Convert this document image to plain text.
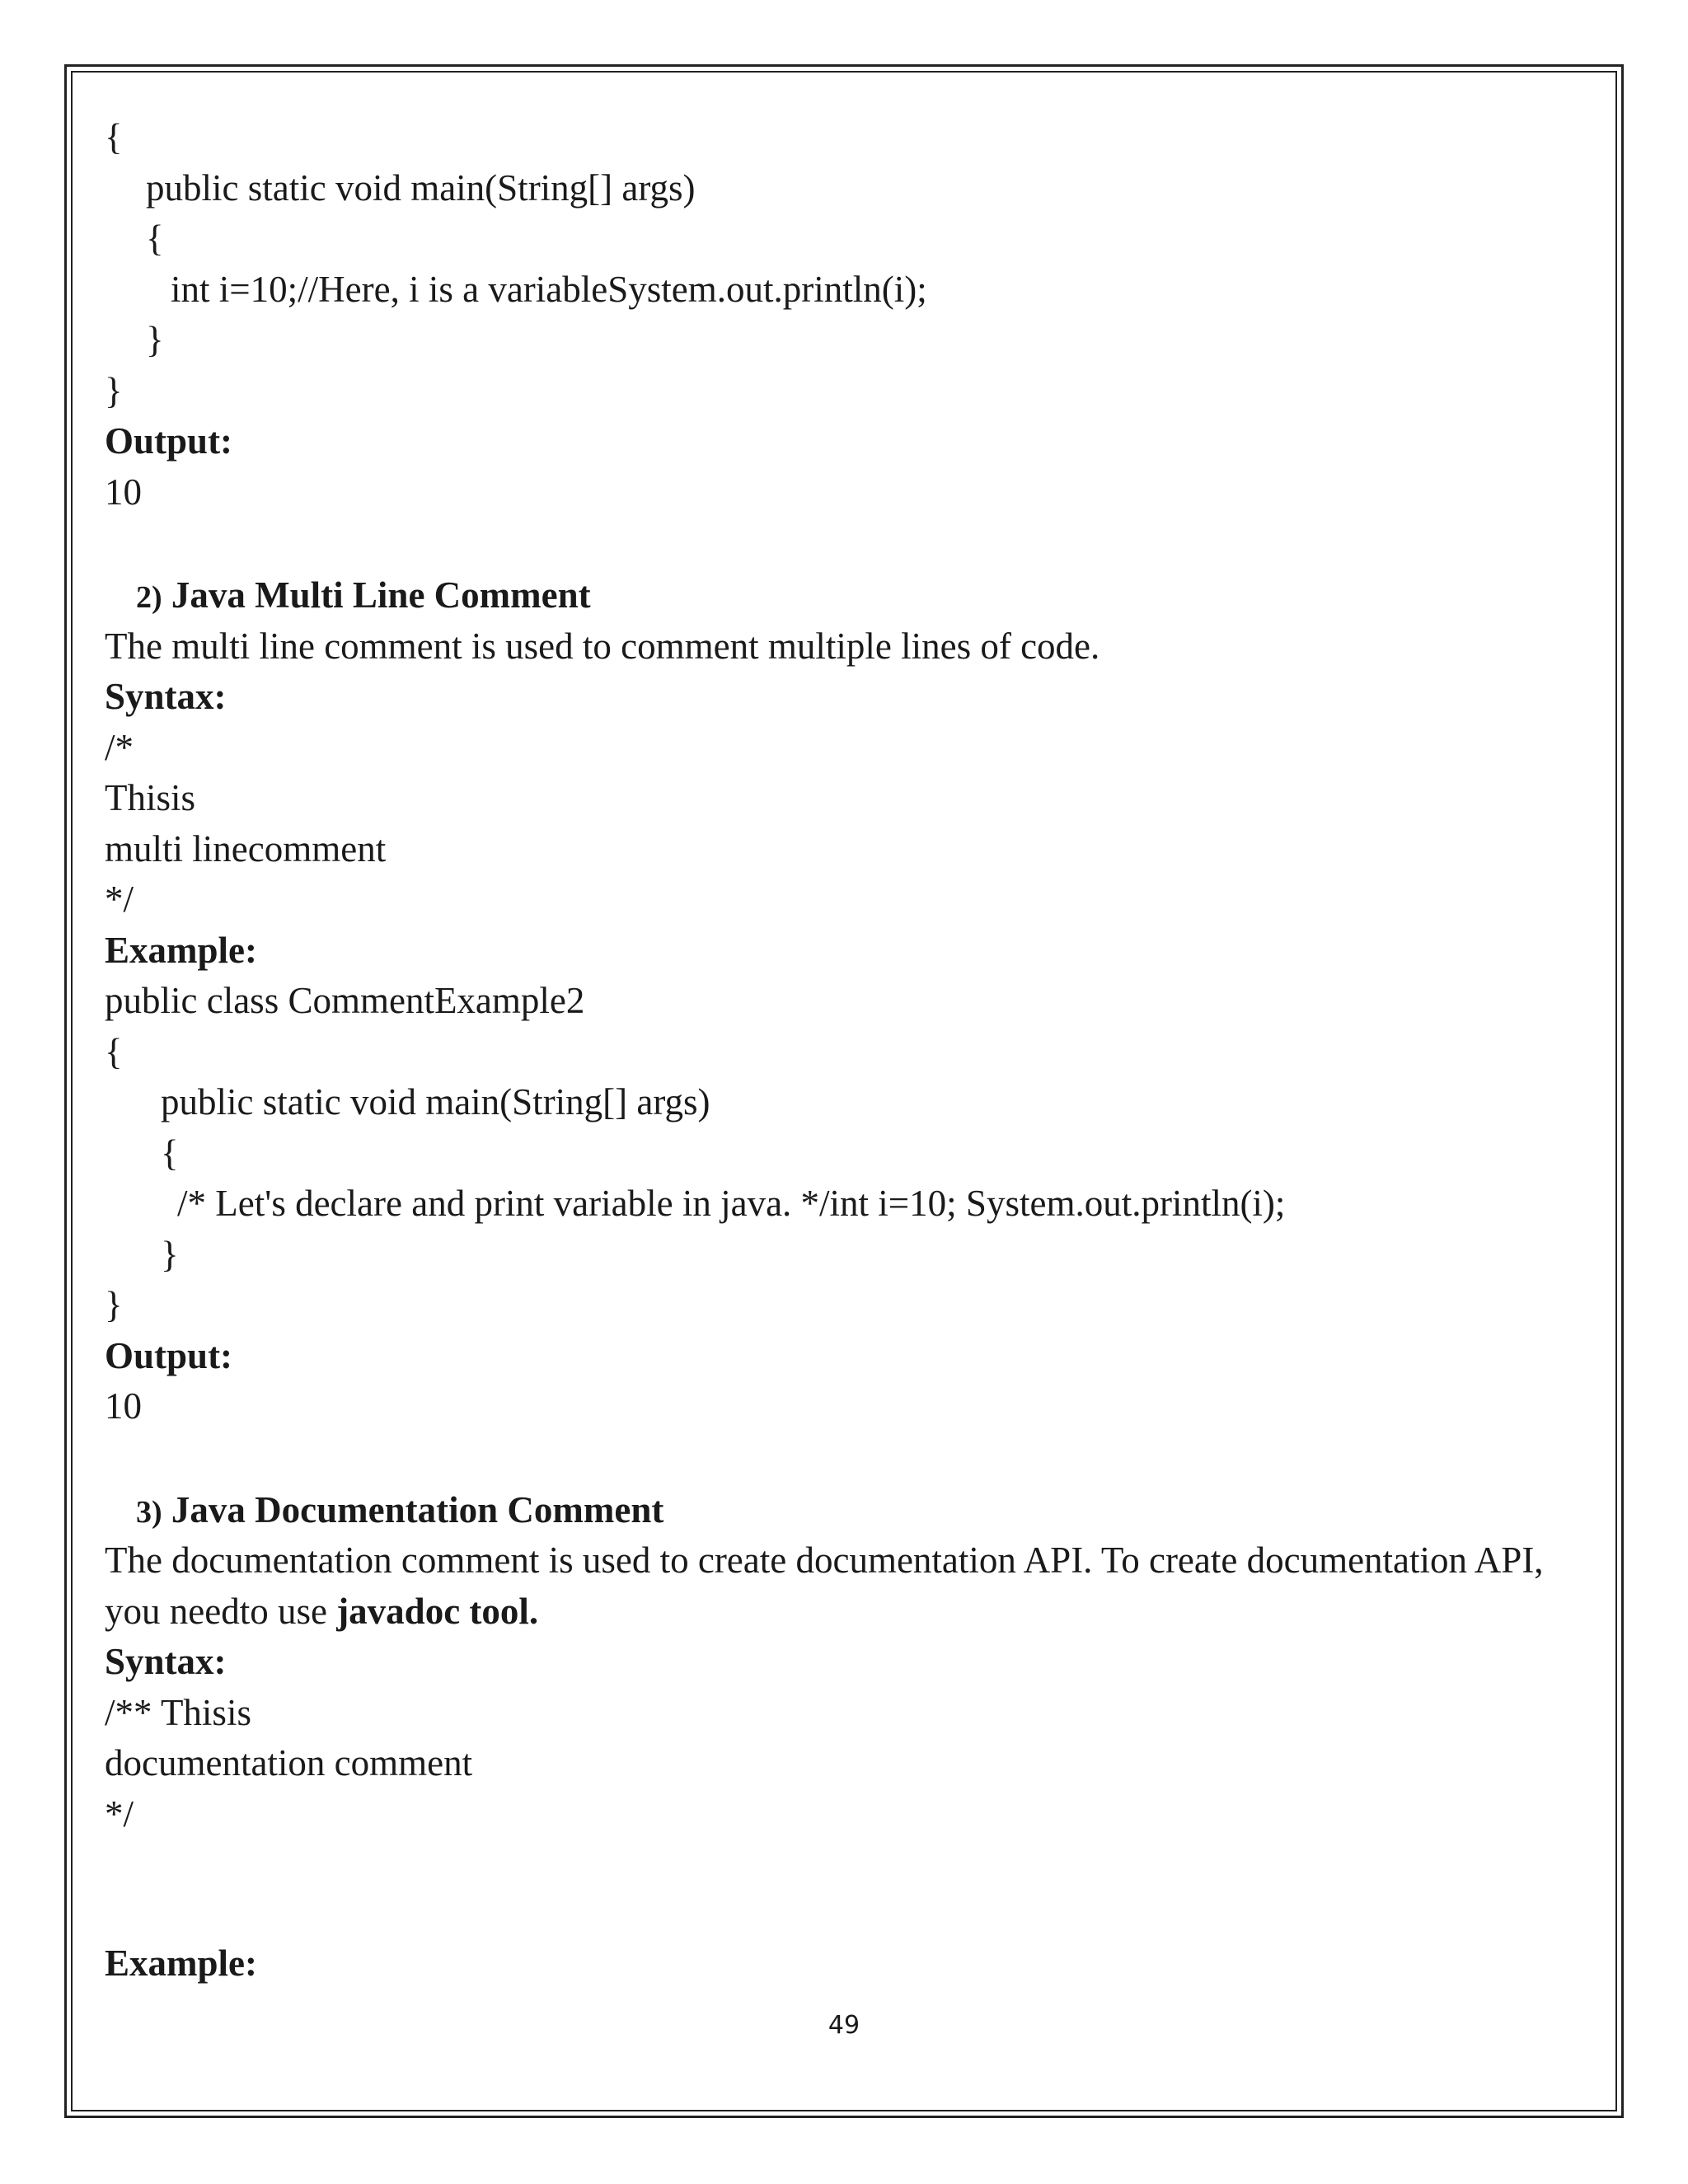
{
public static void main(String[] args)
{
int i=10;//Here, i is a variableSystem.out.println(i);
}
}
Output:
10
2) Java Multi Line Comment
The multi line comment is used to comment multiple lines of code.
Syntax:
/*
Thisis
multi linecomment
*/
Example:
public class CommentExample2
{
public static void main(String[] args)
{
/* Let's declare and print variable in java. */int i=10; System.out.println(i);
}
}
Output:
10
3) Java Documentation Comment
The documentation comment is used to create documentation API. To create documentation API, you needto use javadoc tool.
Syntax:
/** Thisis
documentation comment
*/
Example:
49
